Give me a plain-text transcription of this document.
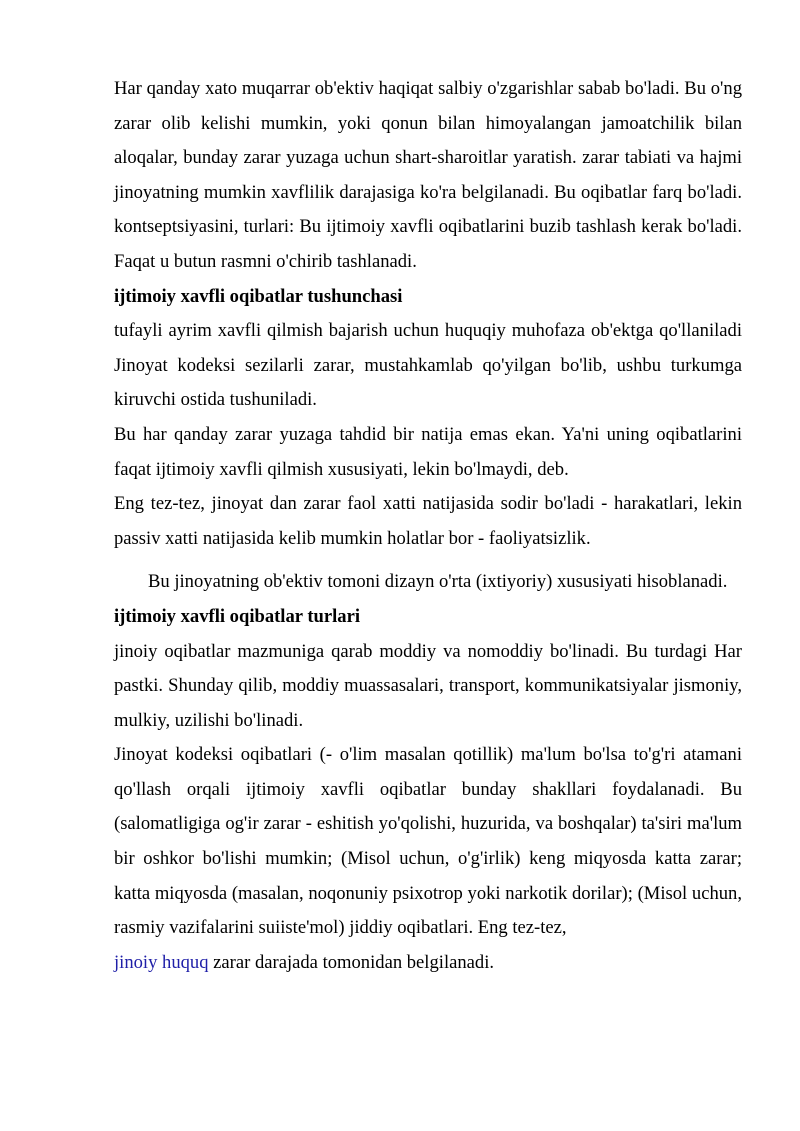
Har qanday xato muqarrar ob'ektiv haqiqat salbiy o'zgarishlar sabab bo'ladi. Bu o'ng zarar olib kelishi mumkin, yoki qonun bilan himoyalangan jamoatchilik bilan aloqalar, bunday zarar yuzaga uchun shart-sharoitlar yaratish. zarar tabiati va hajmi jinoyatning mumkin xavflilik darajasiga ko'ra belgilanadi. Bu oqibatlar farq bo'ladi. kontseptsiyasini, turlari: Bu ijtimoiy xavfli oqibatlarini buzib tashlash kerak bo'ladi. Faqat u butun rasmni o'chirib tashlanadi.

ijtimoiy xavfli oqibatlar tushunchasi

tufayli ayrim xavfli qilmish bajarish uchun huquqiy muhofaza ob'ektga qo'llaniladi Jinoyat kodeksi sezilarli zarar, mustahkamlab qo'yilgan bo'lib, ushbu turkumga kiruvchi ostida tushuniladi.

Bu har qanday zarar yuzaga tahdid bir natija emas ekan. Ya'ni uning oqibatlarini faqat ijtimoiy xavfli qilmish xususiyati, lekin bo'lmaydi, deb.

Eng tez-tez, jinoyat dan zarar faol xatti natijasida sodir bo'ladi - harakatlari, lekin passiv xatti natijasida kelib mumkin holatlar bor - faoliyatsizlik.

Bu jinoyatning ob'ektiv tomoni dizayn o'rta (ixtiyoriy) xususiyati hisoblanadi.

ijtimoiy xavfli oqibatlar turlari

jinoiy oqibatlar mazmuniga qarab moddiy va nomoddiy bo'linadi. Bu turdagi Har pastki. Shunday qilib, moddiy muassasalari, transport, kommunikatsiyalar jismoniy, mulkiy, uzilishi bo'linadi.

Jinoyat kodeksi oqibatlari (- o'lim masalan qotillik) ma'lum bo'lsa to'g'ri atamani qo'llash orqali ijtimoiy xavfli oqibatlar bunday shakllari foydalanadi. Bu (salomatligiga og'ir zarar - eshitish yo'qolishi, huzurida, va boshqalar) ta'siri ma'lum bir oshkor bo'lishi mumkin; (Misol uchun, o'g'irlik) keng miqyosda katta zarar; katta miqyosda (masalan, noqonuniy psixotrop yoki narkotik dorilar); (Misol uchun, rasmiy vazifalarini suiiste'mol) jiddiy oqibatlari. Eng tez-tez,

jinoiy huquq zarar darajada tomonidan belgilanadi.
